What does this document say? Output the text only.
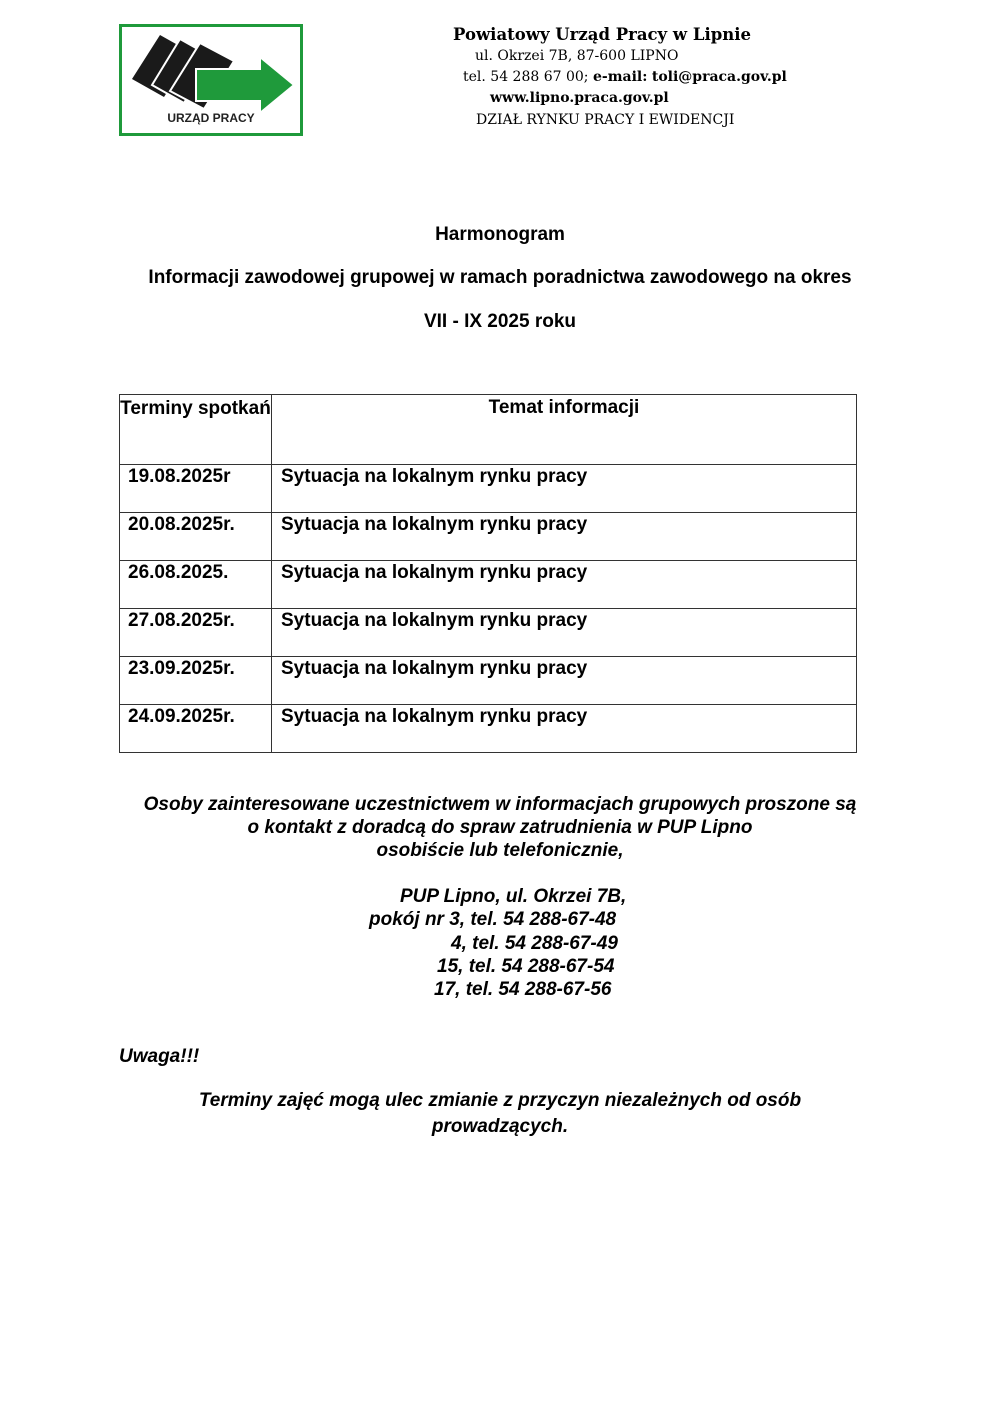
URZĄD PRACY
Powiatowy Urząd Pracy w Lipnie
ul. Okrzei 7B, 87-600 LIPNO
tel. 54 288 67 00; e-mail: toli@praca.gov.pl
www.lipno.praca.gov.pl
DZIAŁ RYNKU PRACY I EWIDENCJI
Harmonogram
Informacji zawodowej grupowej w ramach poradnictwa zawodowego na okres
VII - IX 2025 roku
Terminy spotkań	Temat informacji
19.08.2025r	Sytuacja na lokalnym rynku pracy
20.08.2025r.	Sytuacja na lokalnym rynku pracy
26.08.2025.	Sytuacja na lokalnym rynku pracy
27.08.2025r.	Sytuacja na lokalnym rynku pracy
23.09.2025r.	Sytuacja na lokalnym rynku pracy
24.09.2025r.	Sytuacja na lokalnym rynku pracy
Osoby zainteresowane uczestnictwem w informacjach grupowych proszone są
o kontakt z doradcą do spraw zatrudnienia w PUP Lipno
osobiście lub telefonicznie,
PUP Lipno, ul. Okrzei 7B,
pokój nr 3, tel. 54 288-67-48
4, tel. 54 288-67-49
15, tel. 54 288-67-54
17, tel. 54 288-67-56
Uwaga!!!
Terminy zajęć mogą ulec zmianie z przyczyn niezależnych od osób
prowadzących.
